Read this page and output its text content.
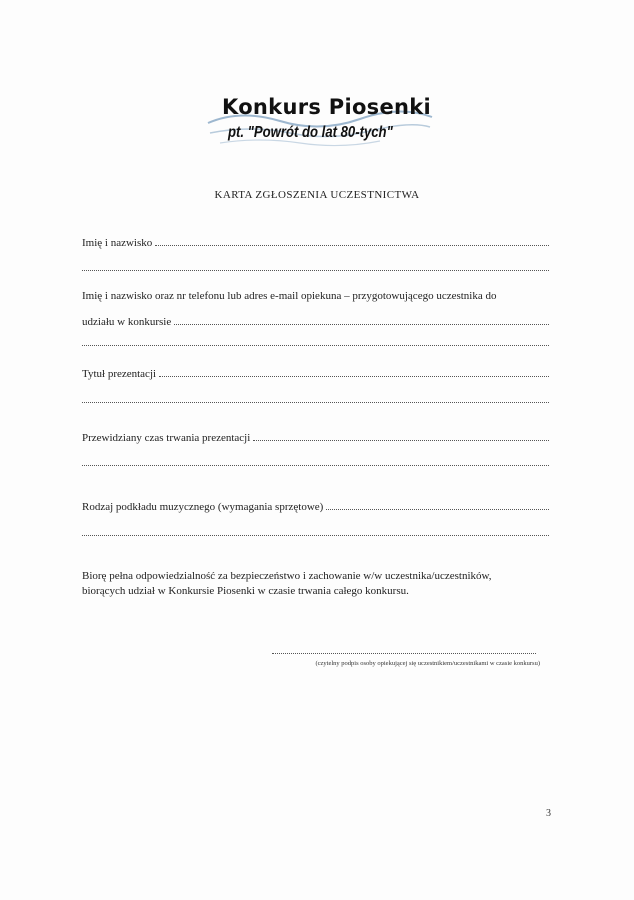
Konkurs Piosenki
pt. "Powrót do lat 80-tych"
KARTA ZGŁOSZENIA UCZESTNICTWA
Imię i nazwisko
Imię i nazwisko oraz nr telefonu lub adres e-mail opiekuna – przygotowującego uczestnika do
udziału w konkursie
Tytuł prezentacji
Przewidziany czas trwania prezentacji
Rodzaj podkładu muzycznego (wymagania sprzętowe)
Biorę pełna odpowiedzialność za bezpieczeństwo i zachowanie w/w uczestnika/uczestników,
biorących udział w Konkursie Piosenki w czasie trwania całego konkursu.
(czytelny podpis osoby opiekującej się uczestnikiem/uczestnikami w czasie konkursu)
3
